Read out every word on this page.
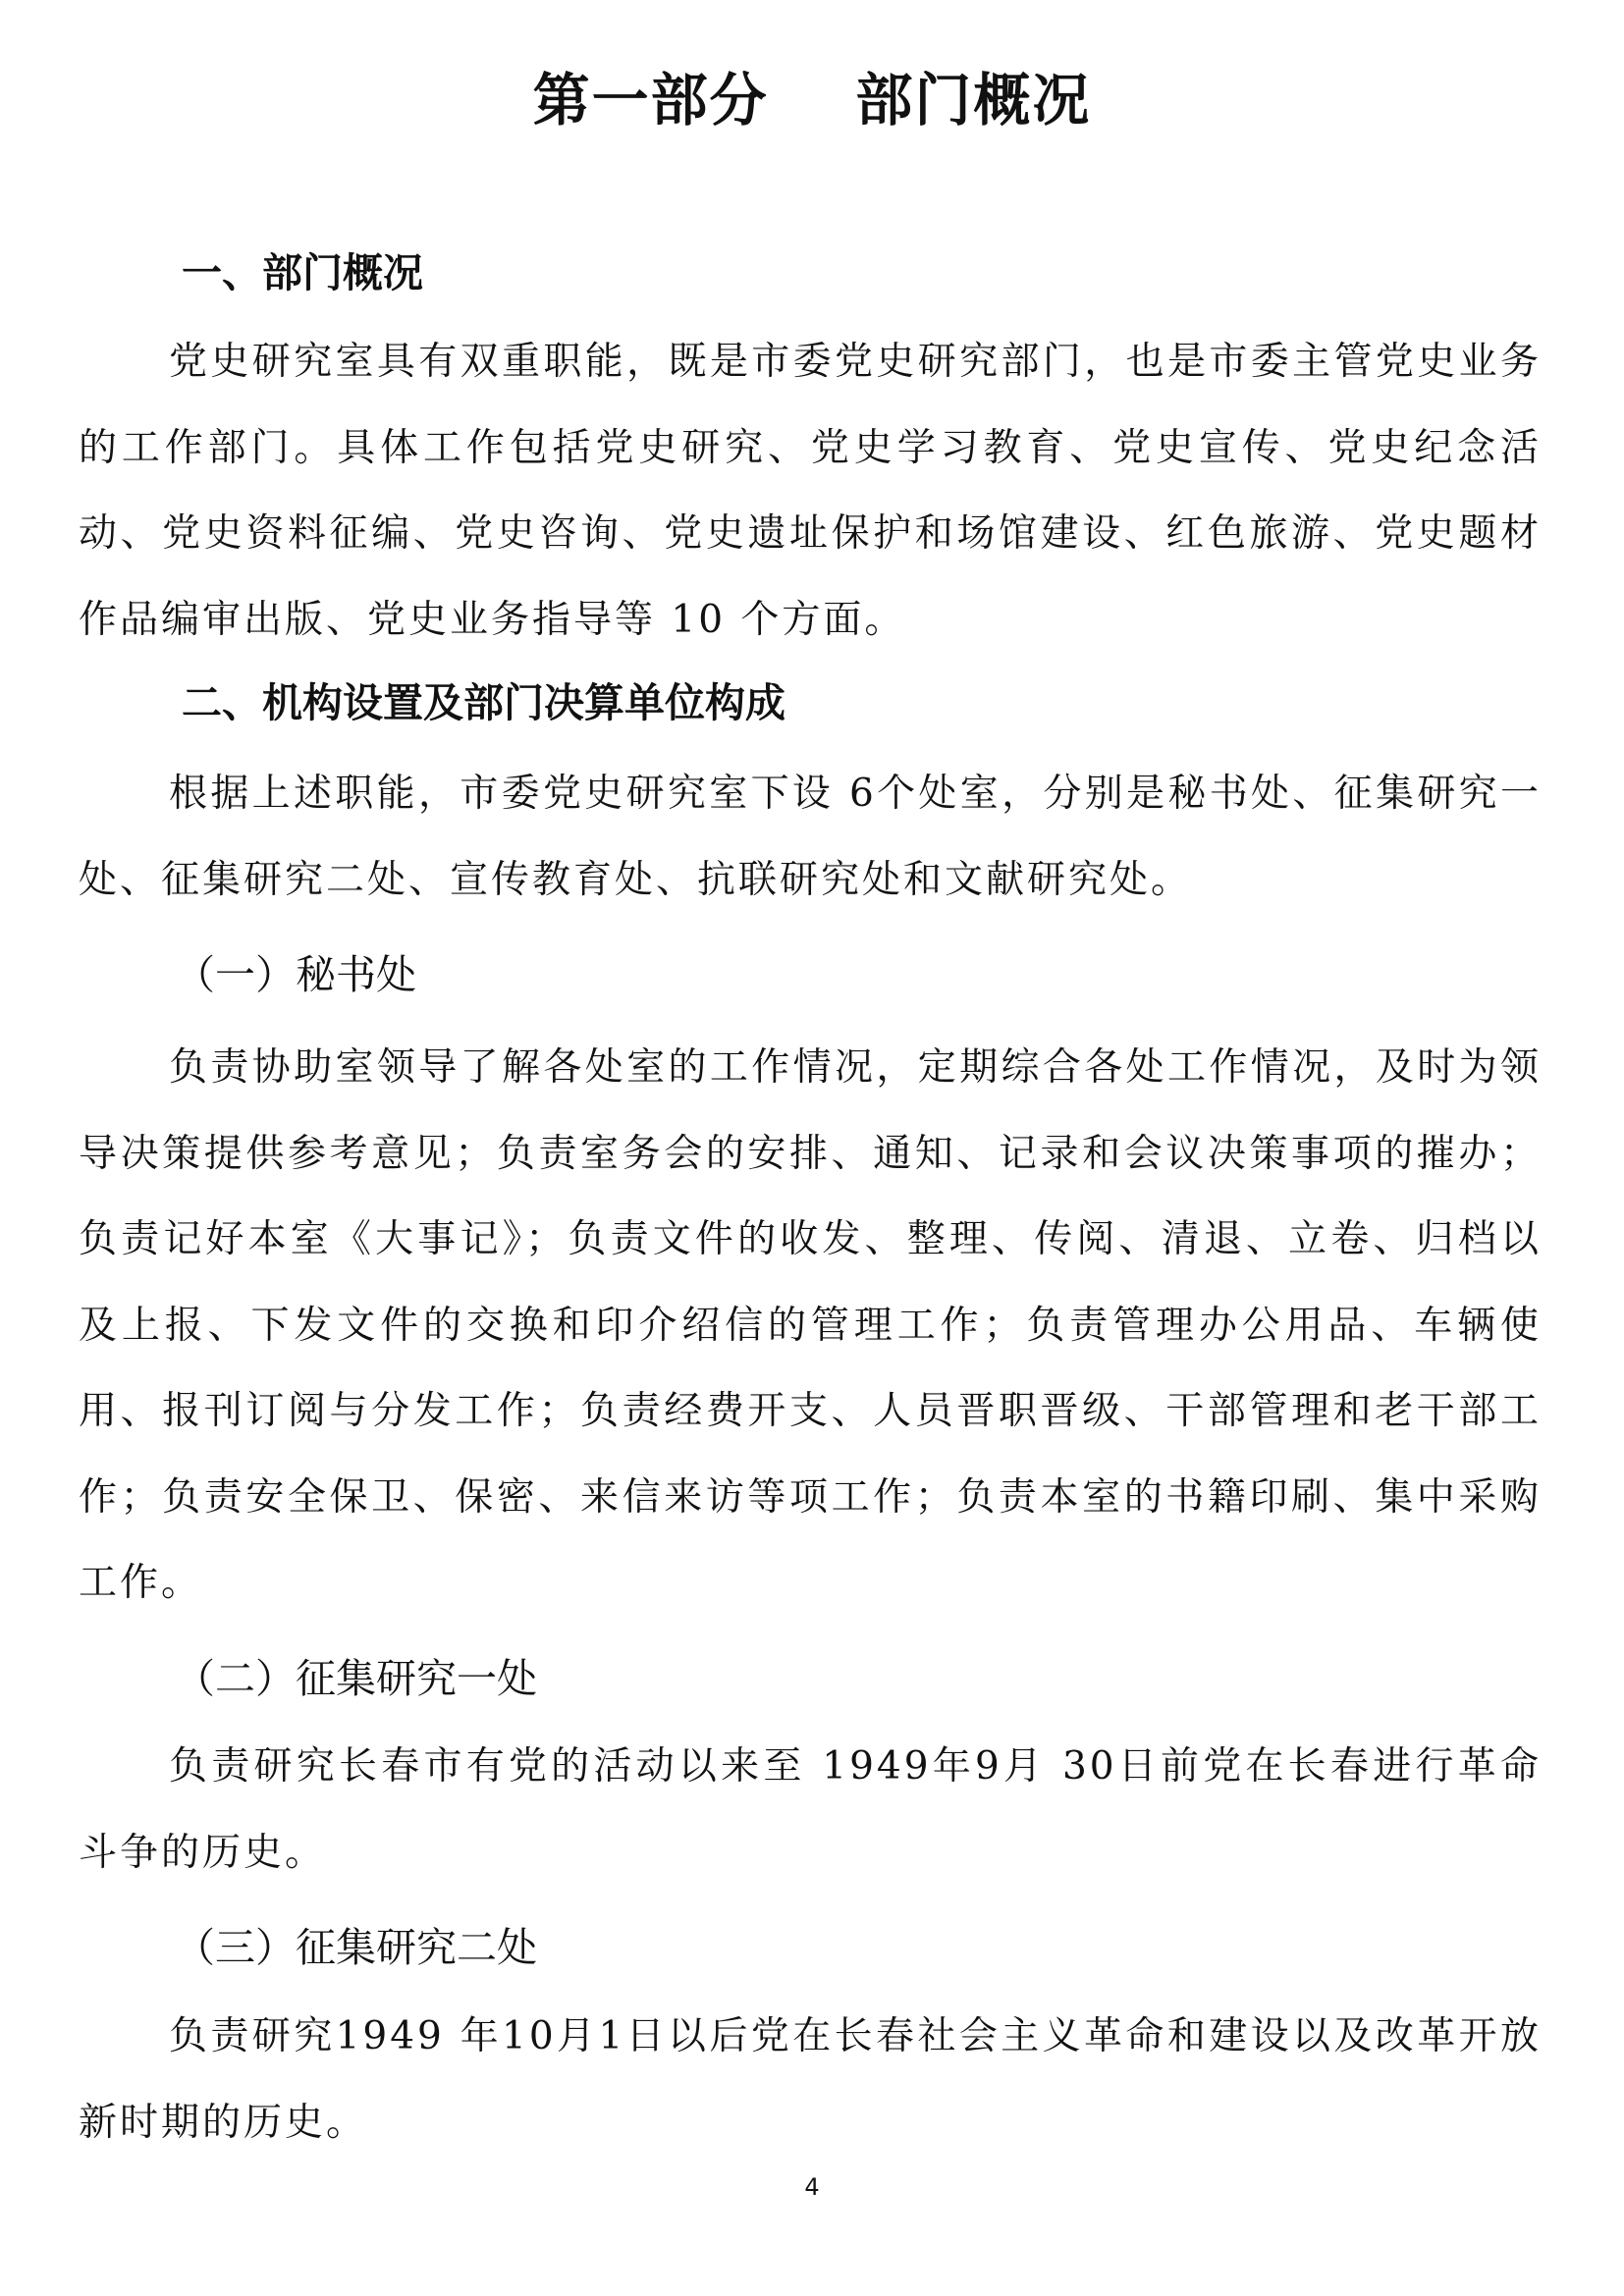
第一部分    部门概况
一、部门概况

党史研究室具有双重职能，既是市委党史研究部门，也是市委主管党史业务的工作部门。具体工作包括党史研究、党史学习教育、党史宣传、党史纪念活动、党史资料征编、党史咨询、党史遗址保护和场馆建设、红色旅游、党史题材作品编审出版、党史业务指导等 10 个方面。

二、机构设置及部门决算单位构成

根据上述职能，市委党史研究室下设 6个处室，分别是秘书处、征集研究一处、征集研究二处、宣传教育处、抗联研究处和文献研究处。

（一）秘书处

负责协助室领导了解各处室的工作情况，定期综合各处工作情况，及时为领导决策提供参考意见；负责室务会的安排、通知、记录和会议决策事项的摧办；负责记好本室《大事记》；负责文件的收发、整理、传阅、清退、立卷、归档以及上报、下发文件的交换和印介绍信的管理工作；负责管理办公用品、车辆使用、报刊订阅与分发工作；负责经费开支、人员晋职晋级、干部管理和老干部工作；负责安全保卫、保密、来信来访等项工作；负责本室的书籍印刷、集中采购工作。

（二）征集研究一处

负责研究长春市有党的活动以来至 1949年9月 30日前党在长春进行革命斗争的历史。

（三）征集研究二处

负责研究1949 年10月1日以后党在长春社会主义革命和建设以及改革开放新时期的历史。

4
